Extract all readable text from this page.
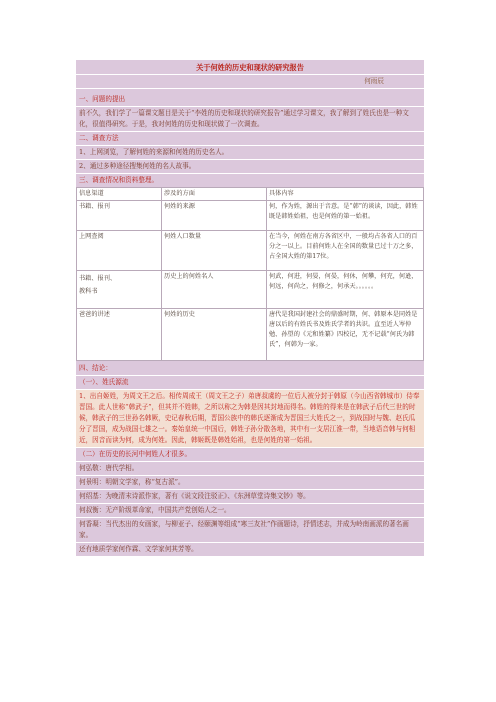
关于何姓的历史和现状的研究报告
何雨辰
一、问题的提出
前不久，我们学了一篇课文题目是关于“李姓的历史和现状的研究报告”通过学习课文，我了解到了姓氏也是一种文化，很值得研究。于是，我对何姓的历史和现状做了一次调查。
二、调查方法
1、上网浏览，了解何姓的来源和何姓的历史名人。
2、通过多种途径搜集何姓的名人故事。
三、调查情况和资料整理。
信息渠道	涉及的方面	具体内容
书籍、报刊	何姓的来源	何，作为姓，源出于音意。是“韩”的谈读，因此，韩姓既是韩姓始祖，也是何姓的第一始祖。
上网查阅	何姓人口数量	在当今，何姓在南方各省区中，一般均占各省人口的百分之一以上。目前何姓人在全国的数量已过十万之多，占全国大姓的第17位。
书籍、报刊、
教科书	历史上的何姓名人	何武，何进，何晏，何晏，何休，何攀，何充，何逊，何远，何尚之，何修之，何承天。。。。。。
爸爸的讲述	何姓的历史	唐代是我国封建社会的鼎盛时期，何、韩原本是同姓是唐以后的有姓氏书及姓氏学者的共识。直至近人岑仲勉、孙望的《元和姓纂》四校记，无不记载“何氏为韩氏”，何韩为一家。
四、结论：
（一）、姓氏源流
1、出自姬姓，为周文王之后。相传周成王（周文王之子）弟唐叔虞的一位后人被分封于韩原（今山西省韩城市）侍奉晋国。此人世称“韩武子”，但其并不姓韩，之所以称之为韩是因其封地而得名。韩姓的得来是在韩武子后代三世的时候，韩武子的三世孙名韩厥，史记春秋后期，晋国公族中的韩氏逐渐成为晋国三大姓氏之一，到战国时与魏、赵氏瓜分了晋国，成为战国七雄之一。秦始皇统一中国后，韩姓子孙分散各地，其中有一支居江淮一带，当地语音韩与何相近，因音而读为何，成为何姓。因此，韩姬既是韩姓始祖，也是何姓的第一始祖。
（二）在历史的长河中何姓人才很多。
何弘敬：唐代学相。
何景明：明朝文学家，称“复古派”。
何绍基：为晚清末诗派作家，著有《说文段注驳正》、《东洲草堂诗集文钞》等。
何叔衡：无产阶级革命家，中国共产党创始人之一。
何香凝：当代杰出的女画家，与柳亚子、经颐渊等组成“寒三友社”作画题诗，抒情述志，并成为岭南画派的著名画家。
还有地质学家何作霖、文学家何其芳等。
